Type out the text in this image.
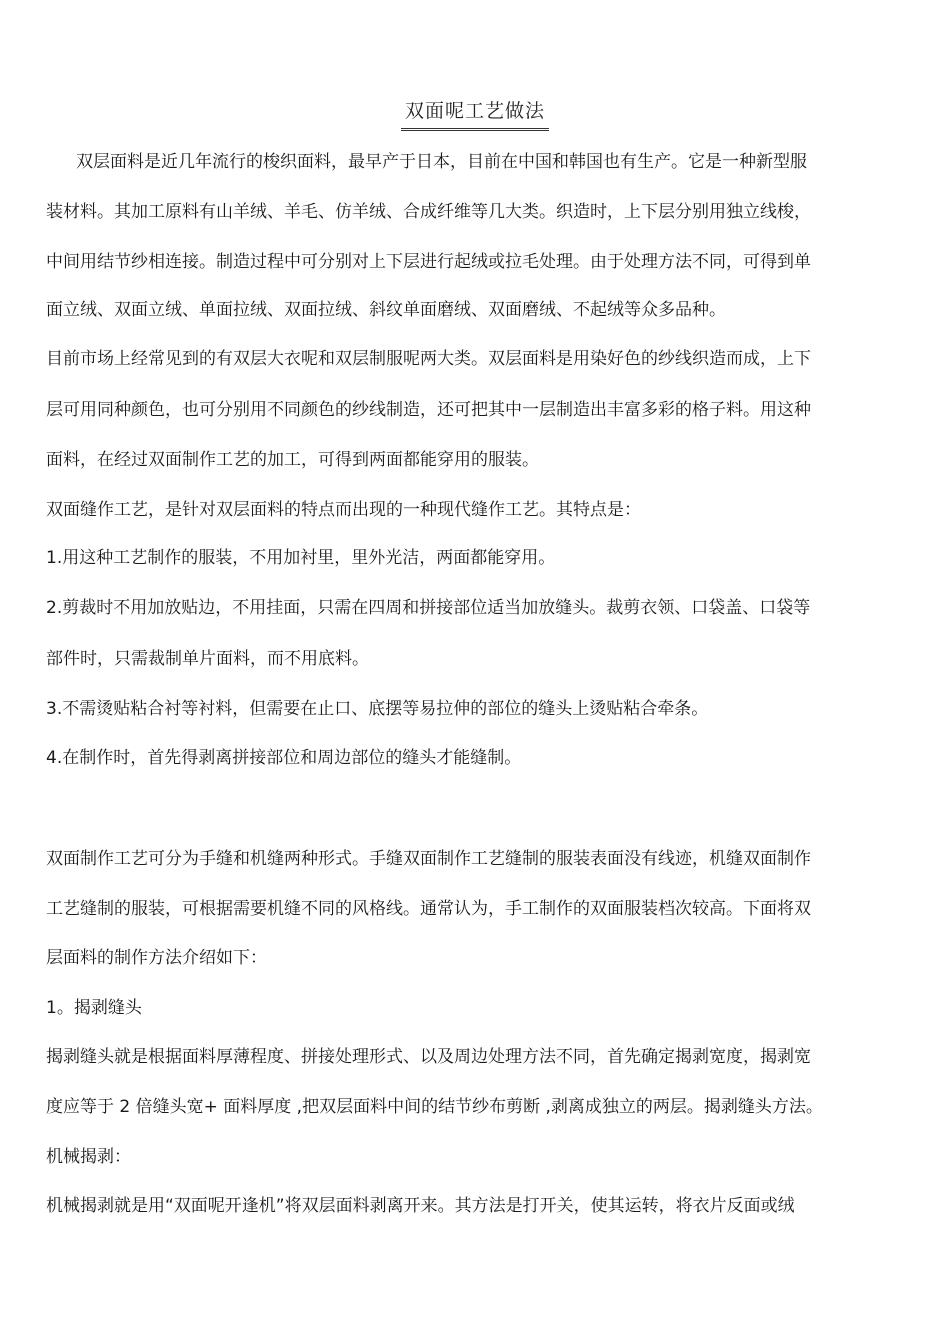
双面呢工艺做法

双层面料是近几年流行的梭织面料，最早产于日本，目前在中国和韩国也有生产。它是一种新型服

装材料。其加工原料有山羊绒、羊毛、仿羊绒、合成纤维等几大类。织造时，上下层分别用独立线梭，

中间用结节纱相连接。制造过程中可分别对上下层进行起绒或拉毛处理。由于处理方法不同，可得到单

面立绒、双面立绒、单面拉绒、双面拉绒、斜纹单面磨绒、双面磨绒、不起绒等众多品种。

目前市场上经常见到的有双层大衣呢和双层制服呢两大类。双层面料是用染好色的纱线织造而成，上下

层可用同种颜色，也可分别用不同颜色的纱线制造，还可把其中一层制造出丰富多彩的格子料。用这种

面料，在经过双面制作工艺的加工，可得到两面都能穿用的服装。

双面缝作工艺，是针对双层面料的特点而出现的一种现代缝作工艺。其特点是：

1.用这种工艺制作的服装，不用加衬里，里外光洁，两面都能穿用。

2.剪裁时不用加放贴边，不用挂面，只需在四周和拼接部位适当加放缝头。裁剪衣领、口袋盖、口袋等

部件时，只需裁制单片面料，而不用底料。

3.不需烫贴粘合衬等衬料，但需要在止口、底摆等易拉伸的部位的缝头上烫贴粘合牵条。

4.在制作时，首先得剥离拼接部位和周边部位的缝头才能缝制。

双面制作工艺可分为手缝和机缝两种形式。手缝双面制作工艺缝制的服装表面没有线迹，机缝双面制作

工艺缝制的服装，可根据需要机缝不同的风格线。通常认为，手工制作的双面服装档次较高。下面将双

层面料的制作方法介绍如下：

1。揭剥缝头

揭剥缝头就是根据面料厚薄程度、拼接处理形式、以及周边处理方法不同，首先确定揭剥宽度，揭剥宽

度应等于 2 倍缝头宽+ 面料厚度 ,把双层面料中间的结节纱布剪断 ,剥离成独立的两层。揭剥缝头方法。

机械揭剥：

机械揭剥就是用“双面呢开逢机”将双层面料剥离开来。其方法是打开关，使其运转，将衣片反面或绒
